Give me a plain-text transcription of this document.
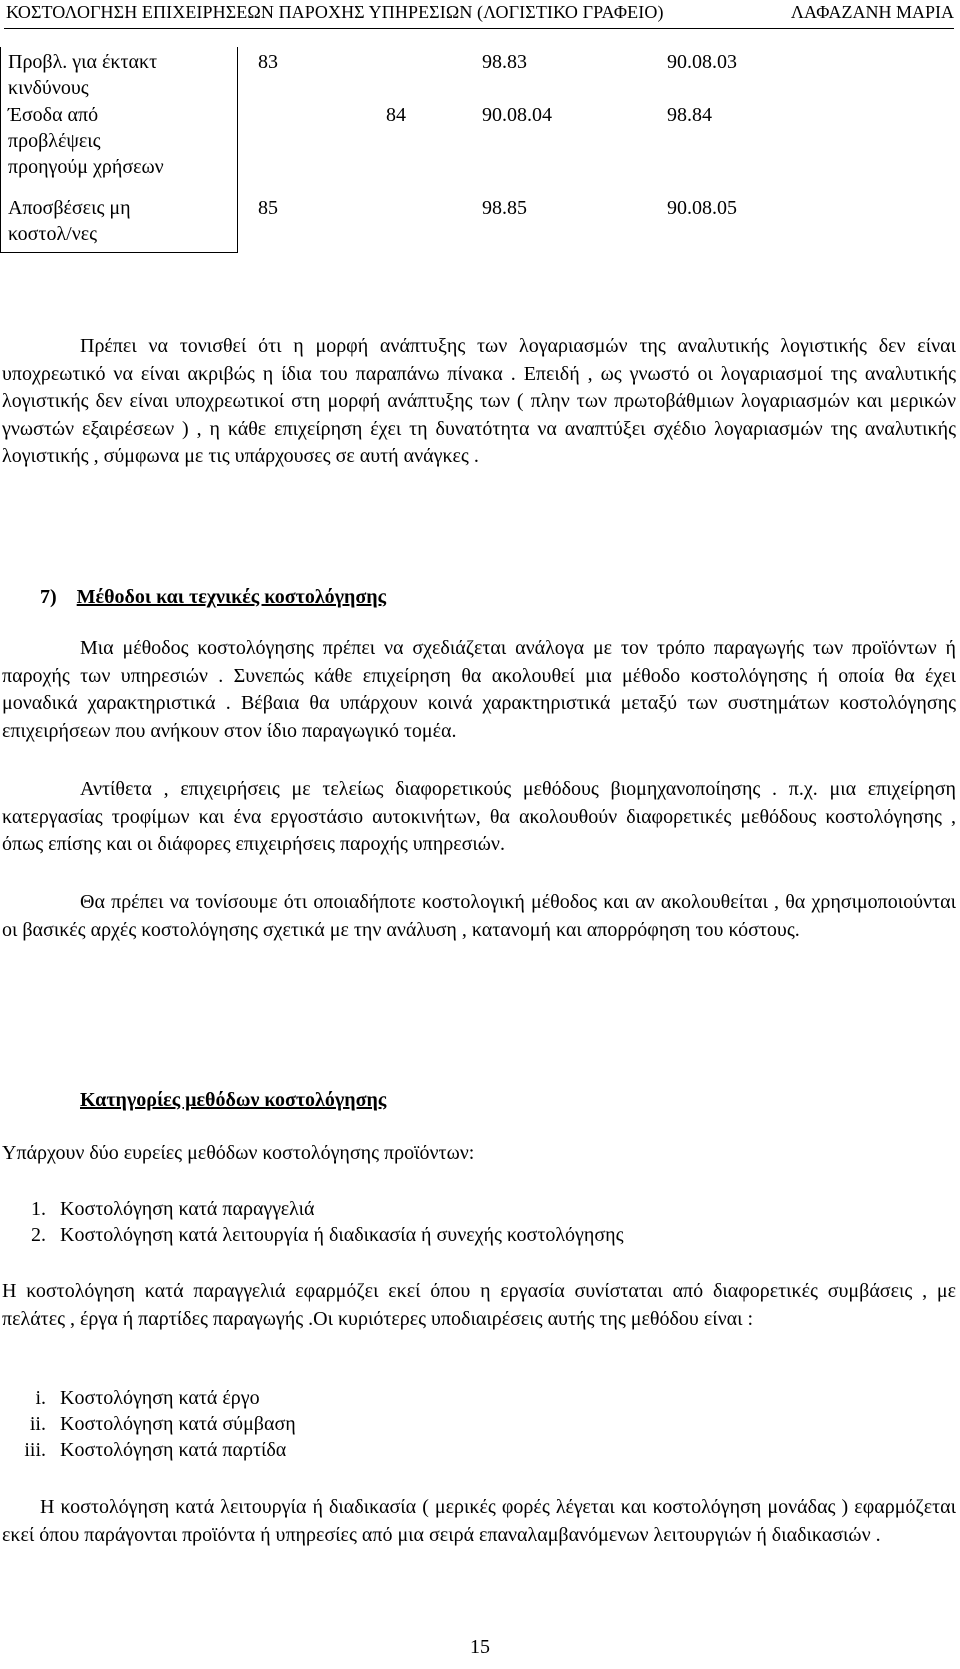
ΚΟΣΤΟΛΟΓΗΣΗ ΕΠΙΧΕΙΡΗΣΕΩΝ ΠΑΡΟΧΗΣ ΥΠΗΡΕΣΙΩΝ (ΛΟΓΙΣΤΙΚΟ ΓΡΑΦΕΙΟ)	ΛΑΦΑΖΑΝΗ ΜΑΡΙΑ
Προβλ. για έκτακτ
κινδύνους
83	98.83	90.08.03
Έσοδα από
προβλέψεις
προηγούμ χρήσεων
84	90.08.04	98.84
Αποσβέσεις μη
κοστολ/νες
85	98.85	90.08.05

Πρέπει να τονισθεί ότι η μορφή ανάπτυξης των λογαριασμών της αναλυτικής λογιστικής δεν είναι υποχρεωτικό να είναι ακριβώς η ίδια του παραπάνω πίνακα . Επειδή , ως γνωστό οι λογαριασμοί της αναλυτικής λογιστικής δεν είναι υποχρεωτικοί στη μορφή ανάπτυξης των ( πλην των πρωτοβάθμιων λογαριασμών και μερικών γνωστών εξαιρέσεων ) , η κάθε επιχείρηση έχει τη δυνατότητα να αναπτύξει σχέδιο λογαριασμών της αναλυτικής λογιστικής , σύμφωνα με τις υπάρχουσες σε αυτή ανάγκες .

7) Μέθοδοι και τεχνικές κοστολόγησης

Μια μέθοδος κοστολόγησης πρέπει να σχεδιάζεται ανάλογα με τον τρόπο παραγωγής των προϊόντων ή παροχής των υπηρεσιών . Συνεπώς κάθε επιχείρηση θα ακολουθεί μια μέθοδο κοστολόγησης ή οποία θα έχει μοναδικά χαρακτηριστικά . Βέβαια θα υπάρχουν κοινά χαρακτηριστικά μεταξύ των συστημάτων κοστολόγησης επιχειρήσεων που ανήκουν στον ίδιο παραγωγικό τομέα.

Αντίθετα , επιχειρήσεις με τελείως διαφορετικούς μεθόδους βιομηχανοποίησης . π.χ. μια επιχείρηση κατεργασίας τροφίμων και ένα εργοστάσιο αυτοκινήτων, θα ακολουθούν διαφορετικές μεθόδους κοστολόγησης , όπως επίσης και οι διάφορες επιχειρήσεις παροχής υπηρεσιών.

Θα πρέπει να τονίσουμε ότι οποιαδήποτε κοστολογική μέθοδος και αν ακολουθείται , θα χρησιμοποιούνται οι βασικές αρχές κοστολόγησης σχετικά με την ανάλυση , κατανομή και απορρόφηση του κόστους.

Κατηγορίες μεθόδων κοστολόγησης
Υπάρχουν δύο ευρείες μεθόδων κοστολόγησης προϊόντων:
1. Κοστολόγηση κατά παραγγελιά
2. Κοστολόγηση κατά λειτουργία ή διαδικασία ή συνεχής κοστολόγησης

Η κοστολόγηση κατά παραγγελιά εφαρμόζει εκεί όπου η εργασία συνίσταται από διαφορετικές συμβάσεις , με πελάτες , έργα ή παρτίδες παραγωγής .Οι κυριότερες υποδιαιρέσεις αυτής της μεθόδου είναι :

i. Κοστολόγηση κατά έργο
ii. Κοστολόγηση κατά σύμβαση
iii. Κοστολόγηση κατά παρτίδα

Η κοστολόγηση κατά λειτουργία ή διαδικασία ( μερικές φορές λέγεται και κοστολόγηση μονάδας ) εφαρμόζεται εκεί όπου παράγονται προϊόντα ή υπηρεσίες από μια σειρά επαναλαμβανόμενων λειτουργιών ή διαδικασιών .

15
